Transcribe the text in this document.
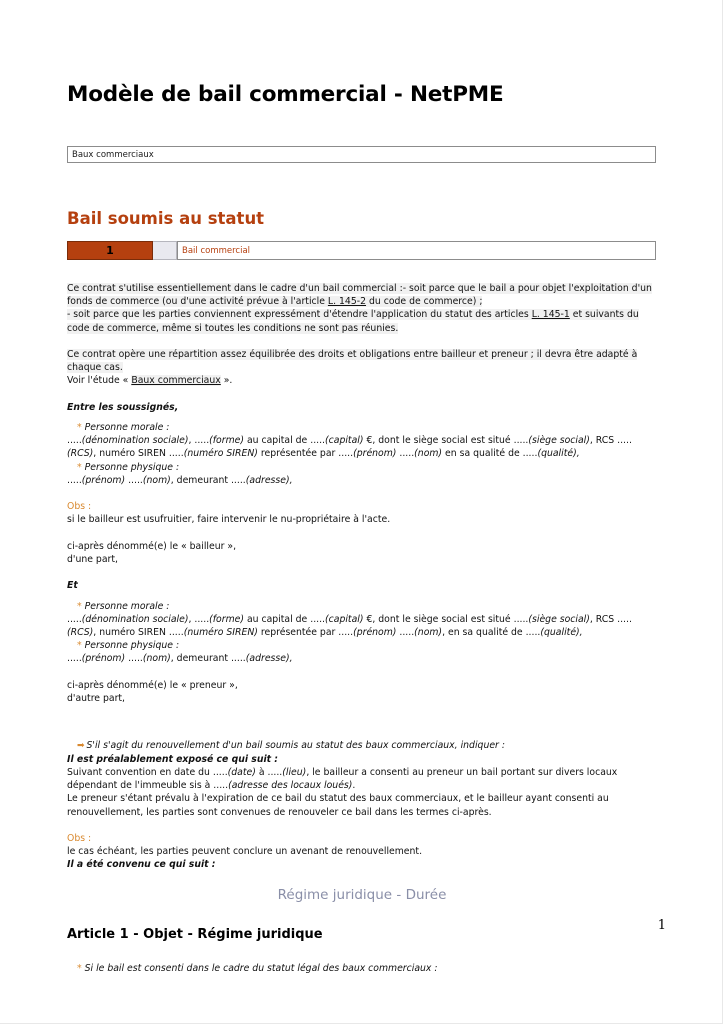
Modèle de bail commercial - NetPME
Baux commerciaux
Bail soumis au statut
1	Bail commercial

Ce contrat s'utilise essentiellement dans le cadre d'un bail commercial :- soit parce que le bail a pour objet l'exploitation d'un fonds de commerce (ou d'une activité prévue à l'article L. 145-2 du code de commerce) ;

- soit parce que les parties conviennent expressément d'étendre l'application du statut des articles L. 145-1 et suivants du code de commerce, même si toutes les conditions ne sont pas réunies.

Ce contrat opère une répartition assez équilibrée des droits et obligations entre bailleur et preneur ; il devra être adapté à chaque cas.

Voir l'étude « Baux commerciaux ».

Entre les soussignés,

* Personne morale :

.....(dénomination sociale), .....(forme) au capital de .....(capital) €, dont le siège social est situé .....(siège social), RCS .....(RCS), numéro SIREN .....(numéro SIREN) représentée par .....(prénom) .....(nom) en sa qualité de .....(qualité),

* Personne physique :

.....(prénom) .....(nom), demeurant .....(adresse),

Obs :

si le bailleur est usufruitier, faire intervenir le nu-propriétaire à l'acte.

ci-après dénommé(e) le « bailleur »,

d'une part,

Et

* Personne morale :

.....(dénomination sociale), .....(forme) au capital de .....(capital) €, dont le siège social est situé .....(siège social), RCS .....(RCS), numéro SIREN .....(numéro SIREN) représentée par .....(prénom) .....(nom), en sa qualité de .....(qualité),

* Personne physique :

.....(prénom) .....(nom), demeurant .....(adresse),

ci-après dénommé(e) le « preneur »,

d'autre part,

➡ S'il s'agit du renouvellement d'un bail soumis au statut des baux commerciaux, indiquer :

Il est préalablement exposé ce qui suit :

Suivant convention en date du .....(date) à .....(lieu), le bailleur a consenti au preneur un bail portant sur divers locaux dépendant de l'immeuble sis à .....(adresse des locaux loués).

Le preneur s'étant prévalu à l'expiration de ce bail du statut des baux commerciaux, et le bailleur ayant consenti au renouvellement, les parties sont convenues de renouveler ce bail dans les termes ci-après.

Obs :

le cas échéant, les parties peuvent conclure un avenant de renouvellement.

Il a été convenu ce qui suit :

Régime juridique - Durée

Article 1 - Objet - Régime juridique

* Si le bail est consenti dans le cadre du statut légal des baux commerciaux :

1
